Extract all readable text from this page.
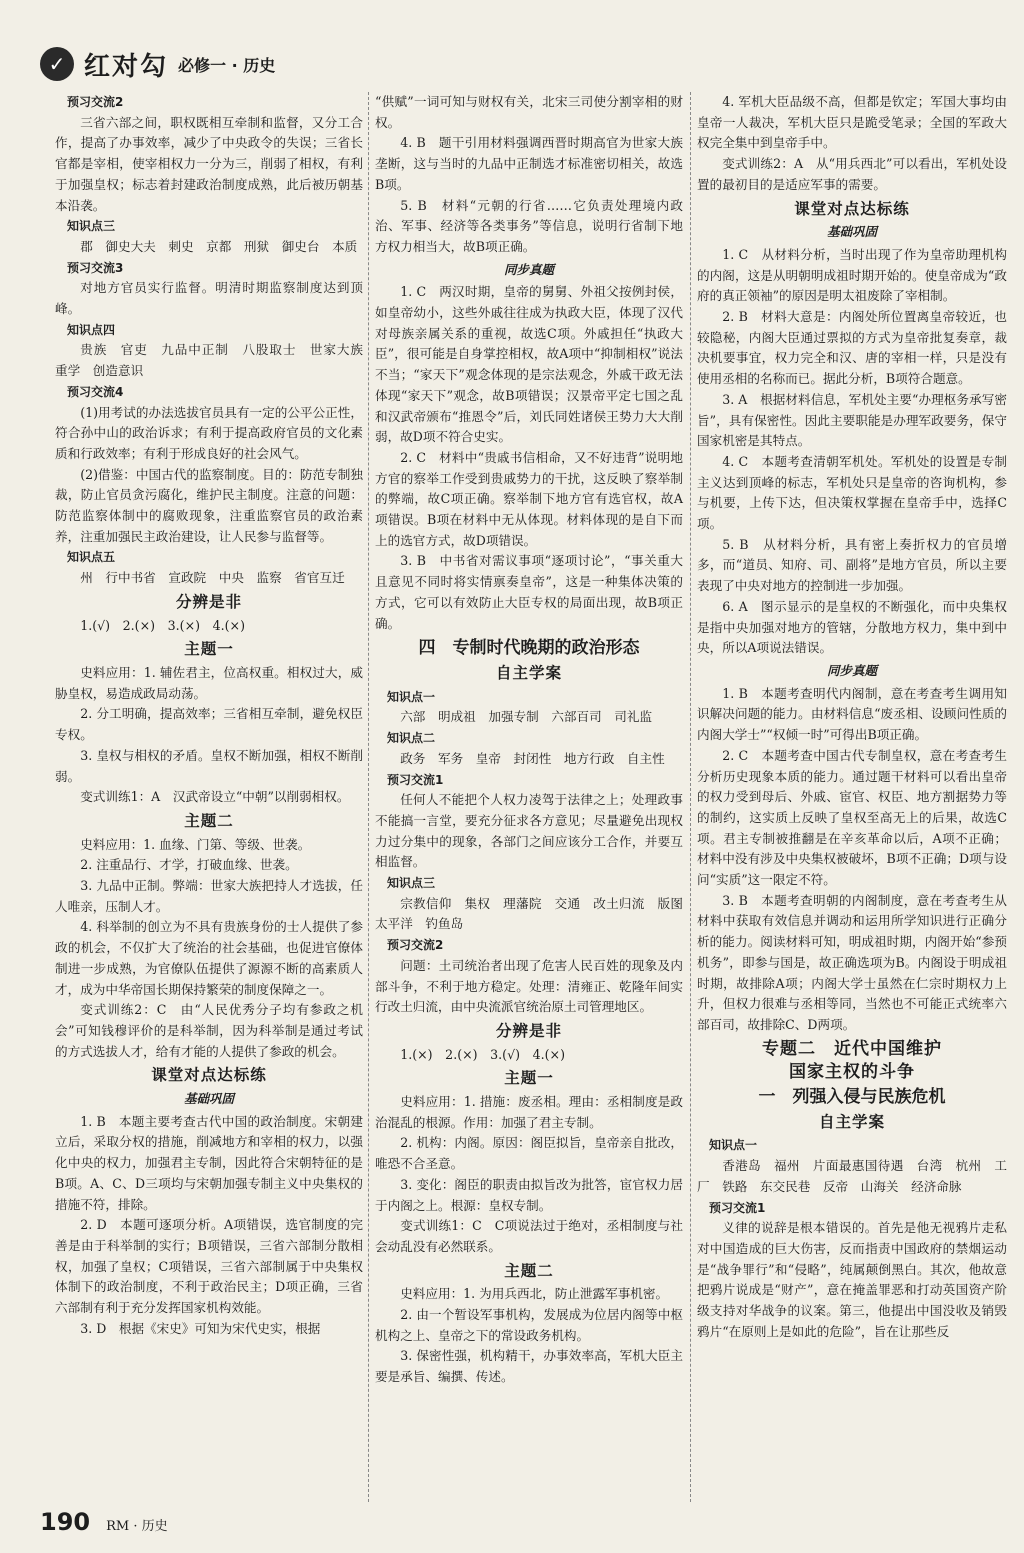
✓ 红对勾 必修一 · 历史

预习交流2

三省六部之间，职权既相互牵制和监督，又分工合作，提高了办事效率，减少了中央政令的失误；三省长官都是宰相，使宰相权力一分为三，削弱了相权，有利于加强皇权；标志着封建政治制度成熟，此后被历朝基本沿袭。

知识点三

郡　御史大夫　刺史　京都　刑狱　御史台　本质

预习交流3

对地方官员实行监督。明清时期监察制度达到顶峰。

知识点四

贵族　官吏　九品中正制　八股取士　世家大族　重学　创造意识

预习交流4

(1)用考试的办法选拔官员具有一定的公平公正性，符合孙中山的政治诉求；有利于提高政府官员的文化素质和行政效率；有利于形成良好的社会风气。

(2)借鉴：中国古代的监察制度。目的：防范专制独裁，防止官员贪污腐化，维护民主制度。注意的问题：防范监察体制中的腐败现象，注重监察官员的政治素养，注重加强民主政治建设，让人民参与监督等。

知识点五

州　行中书省　宣政院　中央　监察　省官互迁

分辨是非

1.(√)　2.(×)　3.(×)　4.(×)

主题一

史料应用：1. 辅佐君主，位高权重。相权过大，威胁皇权，易造成政局动荡。

2. 分工明确，提高效率；三省相互牵制，避免权臣专权。

3. 皇权与相权的矛盾。皇权不断加强，相权不断削弱。

变式训练1：A　汉武帝设立“中朝”以削弱相权。

主题二

史料应用：1. 血缘、门第、等级、世袭。

2. 注重品行、才学，打破血缘、世袭。

3. 九品中正制。弊端：世家大族把持人才选拔，任人唯亲，压制人才。

4. 科举制的创立为不具有贵族身份的士人提供了参政的机会，不仅扩大了统治的社会基础，也促进官僚体制进一步成熟，为官僚队伍提供了源源不断的高素质人才，成为中华帝国长期保持繁荣的制度保障之一。

变式训练2：C　由“人民优秀分子均有参政之机会”可知钱穆评价的是科举制，因为科举制是通过考试的方式选拔人才，给有才能的人提供了参政的机会。

课堂对点达标练

基础巩固

1. B　本题主要考查古代中国的政治制度。宋朝建立后，采取分权的措施，削减地方和宰相的权力，以强化中央的权力，加强君主专制，因此符合宋朝特征的是B项。A、C、D三项均与宋朝加强专制主义中央集权的措施不符，排除。

2. D　本题可逐项分析。A项错误，选官制度的完善是由于科举制的实行；B项错误，三省六部制分散相权，加强了皇权；C项错误，三省六部制属于中央集权体制下的政治制度，不利于政治民主；D项正确，三省六部制有利于充分发挥国家机构效能。

3. D　根据《宋史》可知为宋代史实，根据

“供赋”一词可知与财权有关，北宋三司使分割宰相的财权。

4. B　题干引用材料强调西晋时期高官为世家大族垄断，这与当时的九品中正制选才标准密切相关，故选B项。

5. B　材料“元朝的行省……它负责处理境内政治、军事、经济等各类事务”等信息，说明行省制下地方权力相当大，故B项正确。

同步真题

1. C　两汉时期，皇帝的舅舅、外祖父按例封侯，如皇帝幼小，这些外戚往往成为执政大臣，体现了汉代对母族亲属关系的重视，故选C项。外戚担任“执政大臣”，很可能是自身掌控相权，故A项中“抑制相权”说法不当；“家天下”观念体现的是宗法观念，外戚干政无法体现“家天下”观念，故B项错误；汉景帝平定七国之乱和汉武帝颁布“推恩令”后，刘氏同姓诸侯王势力大大削弱，故D项不符合史实。

2. C　材料中“贵戚书信相命，又不好违背”说明地方官的察举工作受到贵戚势力的干扰，这反映了察举制的弊端，故C项正确。察举制下地方官有选官权，故A项错误。B项在材料中无从体现。材料体现的是自下而上的选官方式，故D项错误。

3. B　中书省对需议事项“逐项讨论”，“事关重大且意见不同时将实情禀奏皇帝”，这是一种集体决策的方式，它可以有效防止大臣专权的局面出现，故B项正确。

四　专制时代晚期的政治形态

自主学案

知识点一

六部　明成祖　加强专制　六部百司　司礼监

知识点二

政务　军务　皇帝　封闭性　地方行政　自主性

预习交流1

任何人不能把个人权力凌驾于法律之上；处理政事不能搞一言堂，要充分征求各方意见；尽量避免出现权力过分集中的现象，各部门之间应该分工合作，并要互相监督。

知识点三

宗教信仰　集权　理藩院　交通　改土归流　版图　太平洋　钓鱼岛

预习交流2

问题：土司统治者出现了危害人民百姓的现象及内部斗争，不利于地方稳定。处理：清雍正、乾隆年间实行改土归流，由中央流派官统治原土司管理地区。

分辨是非

1.(×)　2.(×)　3.(√)　4.(×)

主题一

史料应用：1. 措施：废丞相。理由：丞相制度是政治混乱的根源。作用：加强了君主专制。

2. 机构：内阁。原因：阁臣拟旨，皇帝亲自批改，唯恐不合圣意。

3. 变化：阁臣的职责由拟旨改为批答，宦官权力居于内阁之上。根源：皇权专制。

变式训练1：C　C项说法过于绝对，丞相制度与社会动乱没有必然联系。

主题二

史料应用：1. 为用兵西北，防止泄露军事机密。

2. 由一个暂设军事机构，发展成为位居内阁等中枢机构之上、皇帝之下的常设政务机构。

3. 保密性强，机构精干，办事效率高，军机大臣主要是承旨、编撰、传述。

4. 军机大臣品级不高，但都是钦定；军国大事均由皇帝一人裁决，军机大臣只是跪受笔录；全国的军政大权完全集中到皇帝手中。

变式训练2：A　从“用兵西北”可以看出，军机处设置的最初目的是适应军事的需要。

课堂对点达标练

基础巩固

1. C　从材料分析，当时出现了作为皇帝助理机构的内阁，这是从明朝明成祖时期开始的。使皇帝成为“政府的真正领袖”的原因是明太祖废除了宰相制。

2. B　材料大意是：内阁处所位置离皇帝较近，也较隐秘，内阁大臣通过票拟的方式为皇帝批复奏章，裁决机要事宜，权力完全和汉、唐的宰相一样，只是没有使用丞相的名称而已。据此分析，B项符合题意。

3. A　根据材料信息，军机处主要“办理枢务承写密旨”，具有保密性。因此主要职能是办理军政要务，保守国家机密是其特点。

4. C　本题考查清朝军机处。军机处的设置是专制主义达到顶峰的标志，军机处只是皇帝的咨询机构，参与机要，上传下达，但决策权掌握在皇帝手中，选择C项。

5. B　从材料分析，具有密上奏折权力的官员增多，而“道员、知府、司、副将”是地方官员，所以主要表现了中央对地方的控制进一步加强。

6. A　图示显示的是皇权的不断强化，而中央集权是指中央加强对地方的管辖，分散地方权力，集中到中央，所以A项说法错误。

同步真题

1. B　本题考查明代内阁制，意在考查考生调用知识解决问题的能力。由材料信息“废丞相、设顾问性质的内阁大学士”“权倾一时”可得出B项正确。

2. C　本题考查中国古代专制皇权，意在考查考生分析历史现象本质的能力。通过题干材料可以看出皇帝的权力受到母后、外戚、宦官、权臣、地方割据势力等的制约，这实质上反映了皇权至高无上的后果，故选C项。君主专制被推翻是在辛亥革命以后，A项不正确；材料中没有涉及中央集权被破坏，B项不正确；D项与设问“实质”这一限定不符。

3. B　本题考查明朝的内阁制度，意在考查考生从材料中获取有效信息并调动和运用所学知识进行正确分析的能力。阅读材料可知，明成祖时期，内阁开始“参预机务”，即参与国是，故正确选项为B。内阁设于明成祖时期，故排除A项；内阁大学士虽然在仁宗时期权力上升，但权力很难与丞相等同，当然也不可能正式统率六部百司，故排除C、D两项。

专题二　近代中国维护

国家主权的斗争

一　列强入侵与民族危机

自主学案

知识点一

香港岛　福州　片面最惠国待遇　台湾　杭州　工厂　铁路　东交民巷　反帝　山海关　经济命脉

预习交流1

义律的说辞是根本错误的。首先是他无视鸦片走私对中国造成的巨大伤害，反而指责中国政府的禁烟运动是“战争罪行”和“侵略”，纯属颠倒黑白。其次，他故意把鸦片说成是“财产”，意在掩盖罪恶和打动英国资产阶级支持对华战争的议案。第三，他提出中国没收及销毁鸦片“在原则上是如此的危险”，旨在让那些反

190 RM · 历史
